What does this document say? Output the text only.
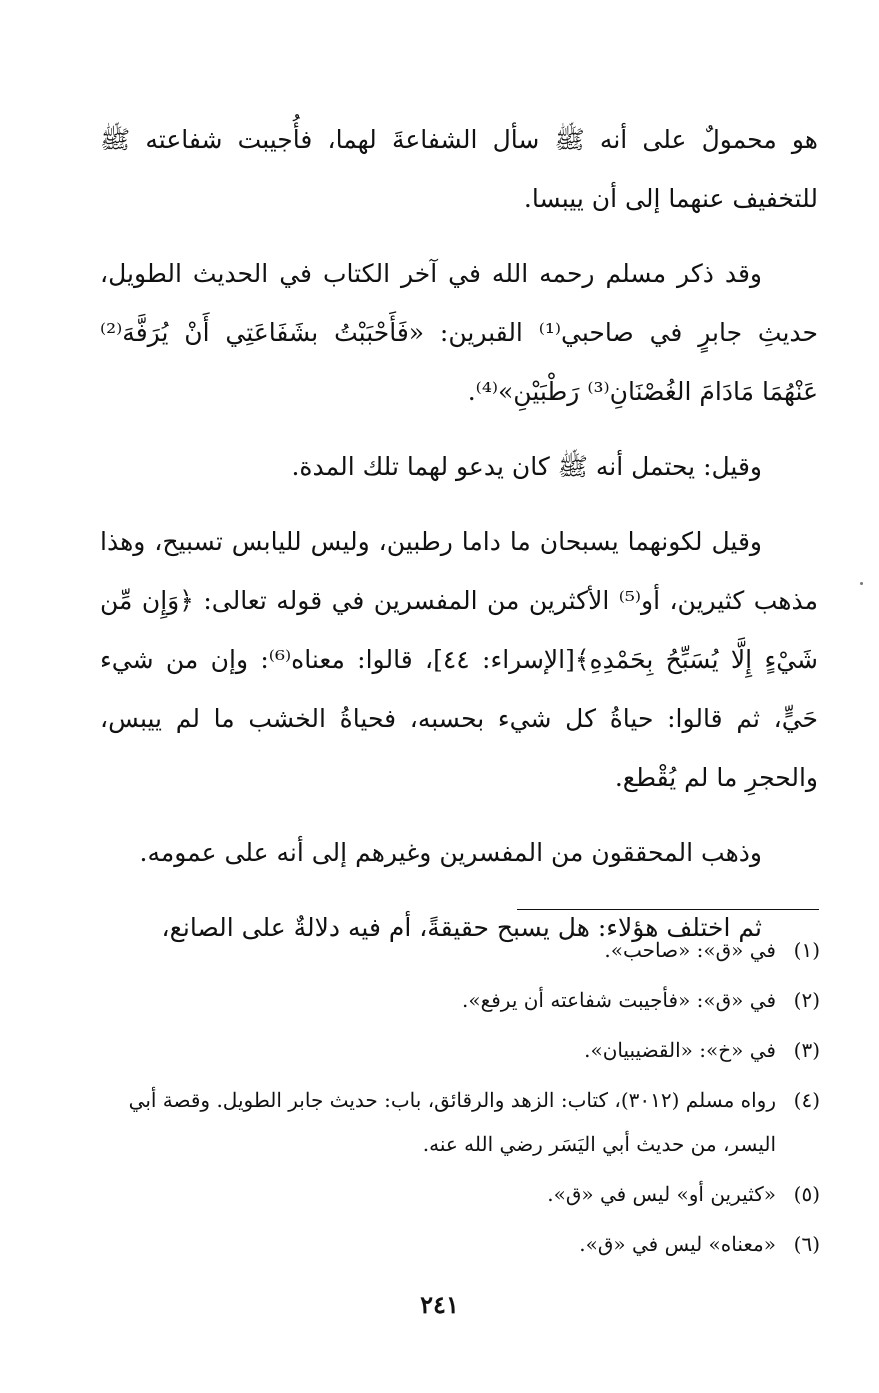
هو محمولٌ على أنه ﷺ سأل الشفاعةَ لهما، فأُجيبت شفاعته ﷺ للتخفيف عنهما إلى أن ييبسا.

وقد ذكر مسلم رحمه الله في آخر الكتاب في الحديث الطويل، حديثِ جابرٍ في صاحبي⁽¹⁾ القبرين: «فَأَحْبَبْتُ بشَفَاعَتِي أَنْ يُرَفَّهَ⁽²⁾ عَنْهُمَا مَادَامَ الغُصْنَانِ⁽³⁾ رَطْبَيْنِ»⁽⁴⁾.

وقيل: يحتمل أنه ﷺ كان يدعو لهما تلك المدة.

وقيل لكونهما يسبحان ما داما رطبين، وليس لليابس تسبيح، وهذا مذهب كثيرين، أو⁽⁵⁾ الأكثرين من المفسرين في قوله تعالى: ﴿وَإِن مِّن شَيْءٍ إِلَّا يُسَبِّحُ بِحَمْدِهِ﴾[الإسراء: ٤٤]، قالوا: معناه⁽⁶⁾: وإن من شيء حَيٍّ، ثم قالوا: حياةُ كل شيء بحسبه، فحياةُ الخشب ما لم ييبس، والحجرِ ما لم يُقْطع.

وذهب المحققون من المفسرين وغيرهم إلى أنه على عمومه.

ثم اختلف هؤلاء: هل يسبح حقيقةً، أم فيه دلالةٌ على الصانع،

(١)
في «ق»: «صاحب».
(٢)
في «ق»: «فأجيبت شفاعته أن يرفع».
(٣)
في «خ»: «القضيبيان».
(٤)
رواه مسلم (٣٠١٢)، كتاب: الزهد والرقائق، باب: حديث جابر الطويل. وقصة أبي اليسر، من حديث أبي اليَسَر رضي الله عنه.
(٥)
«كثيرين أو» ليس في «ق».
(٦)
«معناه» ليس في «ق».
٢٤١
